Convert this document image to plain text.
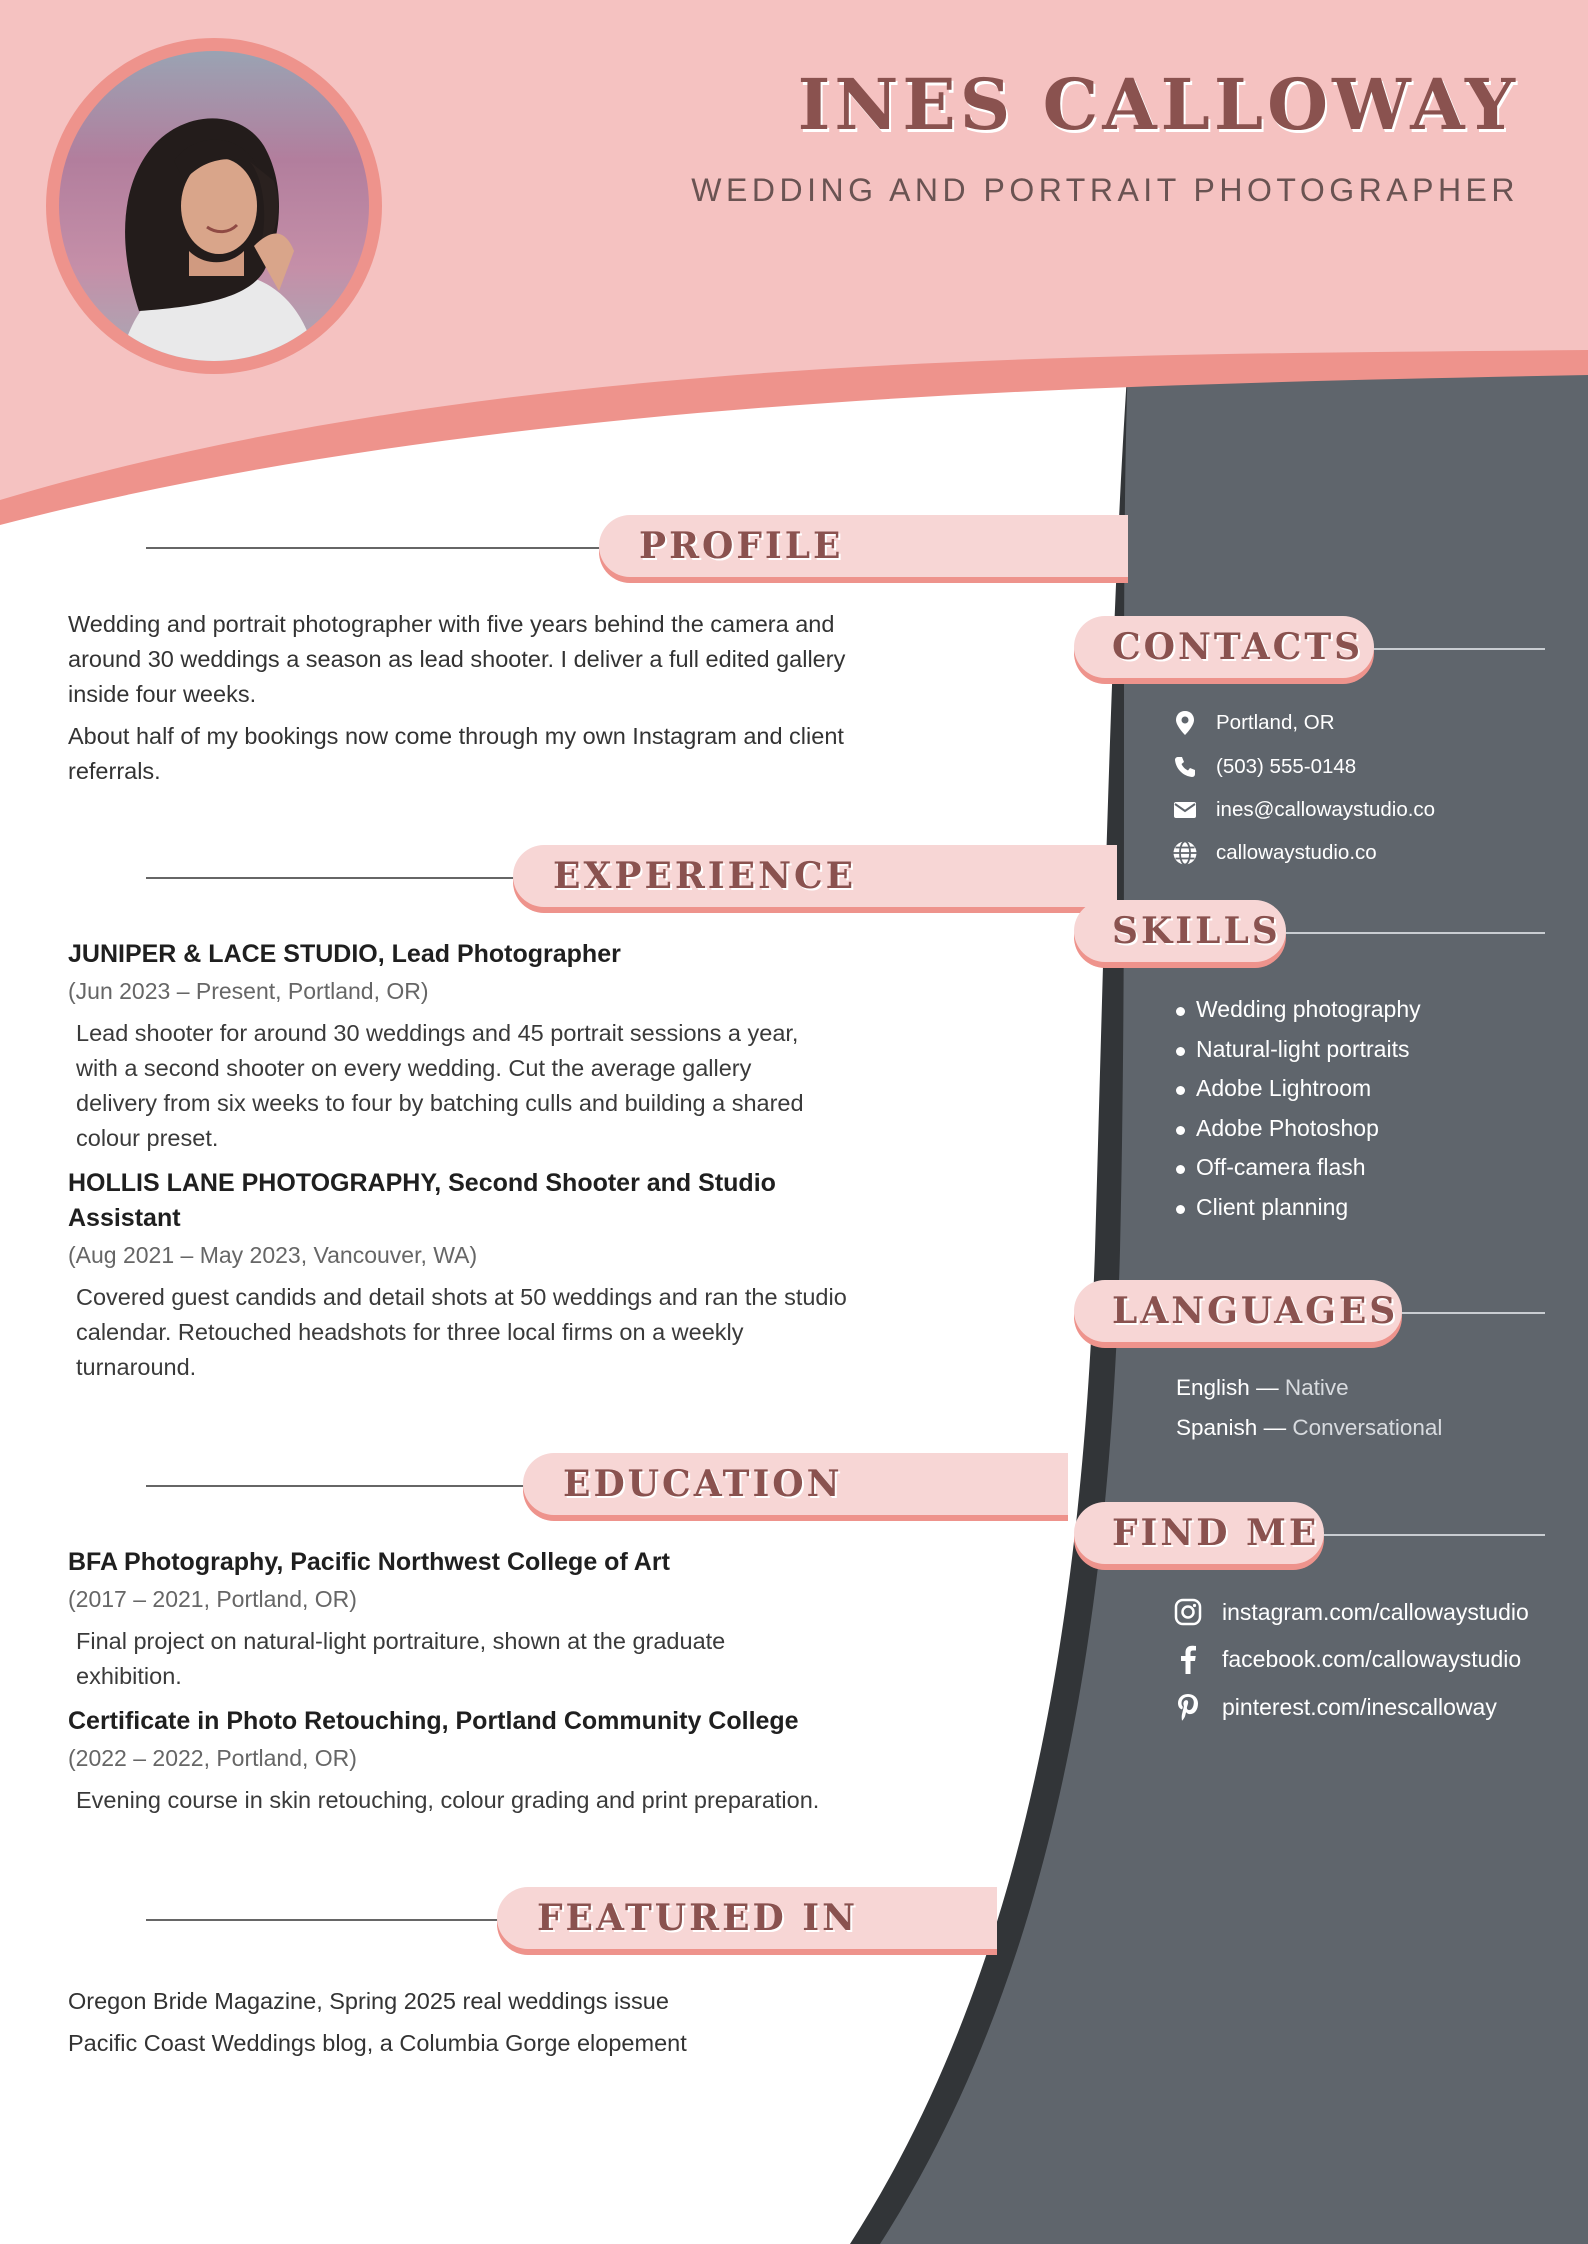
INES CALLOWAY
WEDDING AND PORTRAIT PHOTOGRAPHER
PROFILE

Wedding and portrait photographer with five years behind the camera and around 30 weddings a season as lead shooter. I deliver a full edited gallery inside four weeks.

About half of my bookings now come through my own Instagram and client referrals.

EXPERIENCE
JUNIPER & LACE STUDIO, Lead Photographer
(Jun 2023 – Present, Portland, OR)
Lead shooter for around 30 weddings and 45 portrait sessions a year, with a second shooter on every wedding. Cut the average gallery delivery from six weeks to four by batching culls and building a shared colour preset.
HOLLIS LANE PHOTOGRAPHY, Second Shooter and Studio Assistant
(Aug 2021 – May 2023, Vancouver, WA)
Covered guest candids and detail shots at 50 weddings and ran the studio calendar. Retouched headshots for three local firms on a weekly turnaround.
EDUCATION
BFA Photography, Pacific Northwest College of Art
(2017 – 2021, Portland, OR)
Final project on natural-light portraiture, shown at the graduate exhibition.
Certificate in Photo Retouching, Portland Community College
(2022 – 2022, Portland, OR)
Evening course in skin retouching, colour grading and print preparation.
FEATURED IN
Oregon Bride Magazine, Spring 2025 real weddings issue
Pacific Coast Weddings blog, a Columbia Gorge elopement
CONTACTS
Portland, OR
(503) 555-0148
ines@callowaystudio.co
callowaystudio.co
SKILLS
Wedding photography
Natural-light portraits
Adobe Lightroom
Adobe Photoshop
Off-camera flash
Client planning
LANGUAGES
English — Native
Spanish — Conversational
FIND ME
instagram.com/callowaystudio
facebook.com/callowaystudio
pinterest.com/inescalloway
